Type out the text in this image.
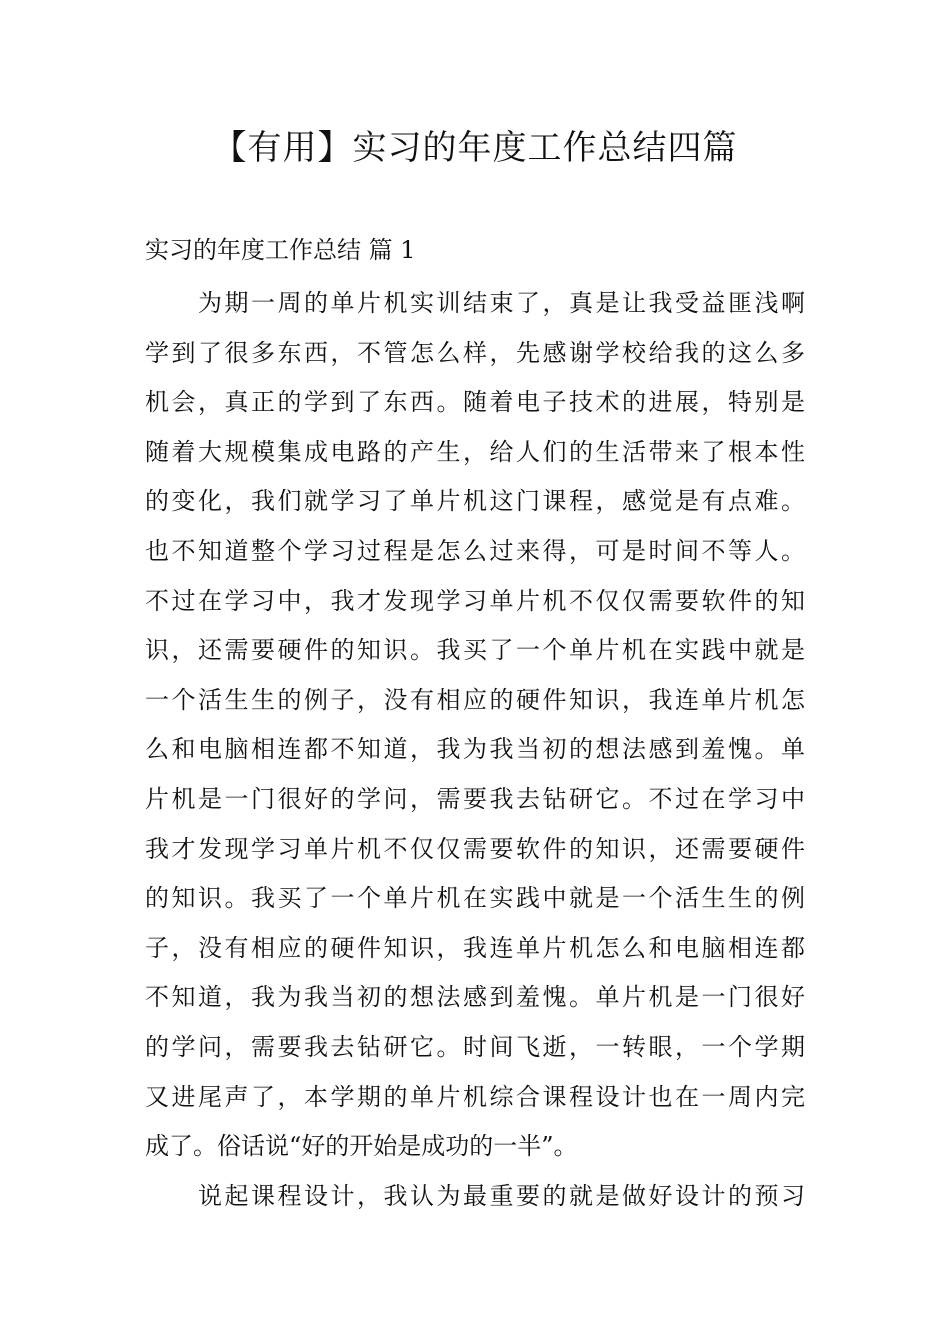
【有用】实习的年度工作总结四篇
实习的年度工作总结 篇 1
为期一周的单片机实训结束了，真是让我受益匪浅啊
学到了很多东西，不管怎么样，先感谢学校给我的这么多
机会，真正的学到了东西。随着电子技术的进展，特别是
随着大规模集成电路的产生，给人们的生活带来了根本性
的变化，我们就学习了单片机这门课程，感觉是有点难。
也不知道整个学习过程是怎么过来得，可是时间不等人。
不过在学习中，我才发现学习单片机不仅仅需要软件的知
识，还需要硬件的知识。我买了一个单片机在实践中就是
一个活生生的例子，没有相应的硬件知识，我连单片机怎
么和电脑相连都不知道，我为我当初的想法感到羞愧。单
片机是一门很好的学问，需要我去钻研它。不过在学习中
我才发现学习单片机不仅仅需要软件的知识，还需要硬件
的知识。我买了一个单片机在实践中就是一个活生生的例
子，没有相应的硬件知识，我连单片机怎么和电脑相连都
不知道，我为我当初的想法感到羞愧。单片机是一门很好
的学问，需要我去钻研它。时间飞逝，一转眼，一个学期
又进尾声了，本学期的单片机综合课程设计也在一周内完
成了。俗话说“好的开始是成功的一半”。
说起课程设计，我认为最重要的就是做好设计的预习
